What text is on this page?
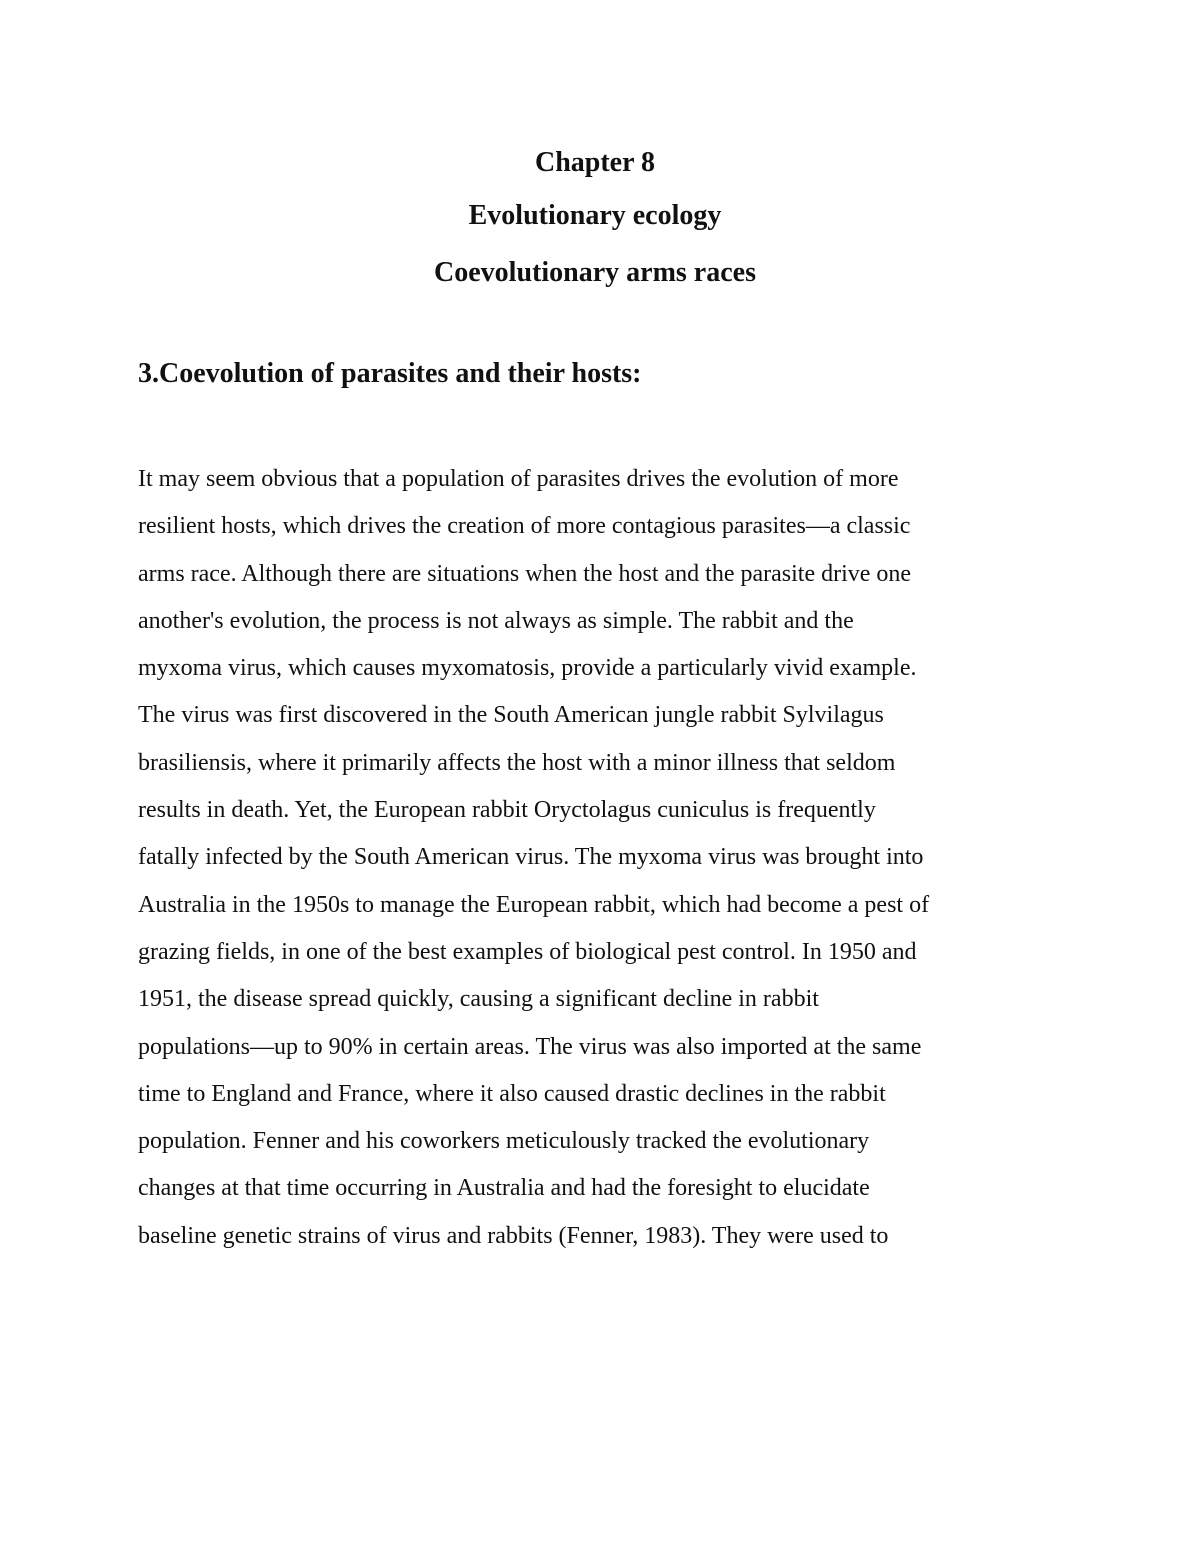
Chapter 8
Evolutionary ecology
Coevolutionary arms races
3.Coevolution of parasites and their hosts:
It may seem obvious that a population of parasites drives the evolution of more
resilient hosts, which drives the creation of more contagious parasites—a classic
arms race. Although there are situations when the host and the parasite drive one
another's evolution, the process is not always as simple. The rabbit and the
myxoma virus, which causes myxomatosis, provide a particularly vivid example.
The virus was first discovered in the South American jungle rabbit Sylvilagus
brasiliensis, where it primarily affects the host with a minor illness that seldom
results in death. Yet, the European rabbit Oryctolagus cuniculus is frequently
fatally infected by the South American virus. The myxoma virus was brought into
Australia in the 1950s to manage the European rabbit, which had become a pest of
grazing fields, in one of the best examples of biological pest control. In 1950 and
1951, the disease spread quickly, causing a significant decline in rabbit
populations—up to 90% in certain areas. The virus was also imported at the same
time to England and France, where it also caused drastic declines in the rabbit
population. Fenner and his coworkers meticulously tracked the evolutionary
changes at that time occurring in Australia and had the foresight to elucidate
baseline genetic strains of virus and rabbits (Fenner, 1983). They were used to
